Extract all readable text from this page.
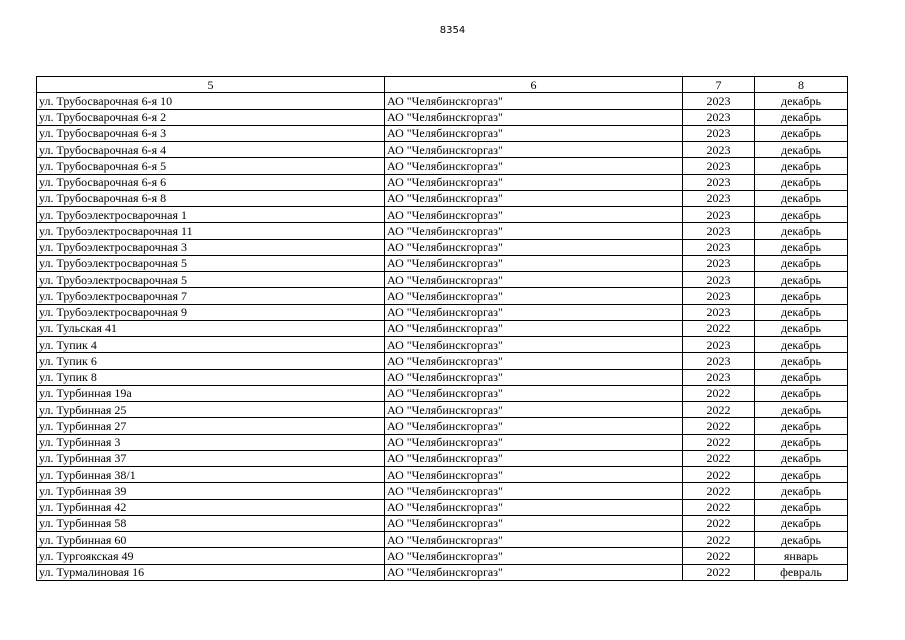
8354
5	6	7	8
ул. Трубосварочная 6-я 10	АО "Челябинскгоргаз"	2023	декабрь
ул. Трубосварочная 6-я 2	АО "Челябинскгоргаз"	2023	декабрь
ул. Трубосварочная 6-я 3	АО "Челябинскгоргаз"	2023	декабрь
ул. Трубосварочная 6-я 4	АО "Челябинскгоргаз"	2023	декабрь
ул. Трубосварочная 6-я 5	АО "Челябинскгоргаз"	2023	декабрь
ул. Трубосварочная 6-я 6	АО "Челябинскгоргаз"	2023	декабрь
ул. Трубосварочная 6-я 8	АО "Челябинскгоргаз"	2023	декабрь
ул. Трубоэлектросварочная 1	АО "Челябинскгоргаз"	2023	декабрь
ул. Трубоэлектросварочная 11	АО "Челябинскгоргаз"	2023	декабрь
ул. Трубоэлектросварочная 3	АО "Челябинскгоргаз"	2023	декабрь
ул. Трубоэлектросварочная 5	АО "Челябинскгоргаз"	2023	декабрь
ул. Трубоэлектросварочная 5	АО "Челябинскгоргаз"	2023	декабрь
ул. Трубоэлектросварочная 7	АО "Челябинскгоргаз"	2023	декабрь
ул. Трубоэлектросварочная 9	АО "Челябинскгоргаз"	2023	декабрь
ул. Тульская 41	АО "Челябинскгоргаз"	2022	декабрь
ул. Тупик 4	АО "Челябинскгоргаз"	2023	декабрь
ул. Тупик 6	АО "Челябинскгоргаз"	2023	декабрь
ул. Тупик 8	АО "Челябинскгоргаз"	2023	декабрь
ул. Турбинная 19а	АО "Челябинскгоргаз"	2022	декабрь
ул. Турбинная 25	АО "Челябинскгоргаз"	2022	декабрь
ул. Турбинная 27	АО "Челябинскгоргаз"	2022	декабрь
ул. Турбинная 3	АО "Челябинскгоргаз"	2022	декабрь
ул. Турбинная 37	АО "Челябинскгоргаз"	2022	декабрь
ул. Турбинная 38/1	АО "Челябинскгоргаз"	2022	декабрь
ул. Турбинная 39	АО "Челябинскгоргаз"	2022	декабрь
ул. Турбинная 42	АО "Челябинскгоргаз"	2022	декабрь
ул. Турбинная 58	АО "Челябинскгоргаз"	2022	декабрь
ул. Турбинная 60	АО "Челябинскгоргаз"	2022	декабрь
ул. Тургоякская 49	АО "Челябинскгоргаз"	2022	январь
ул. Турмалиновая 16	АО "Челябинскгоргаз"	2022	февраль
